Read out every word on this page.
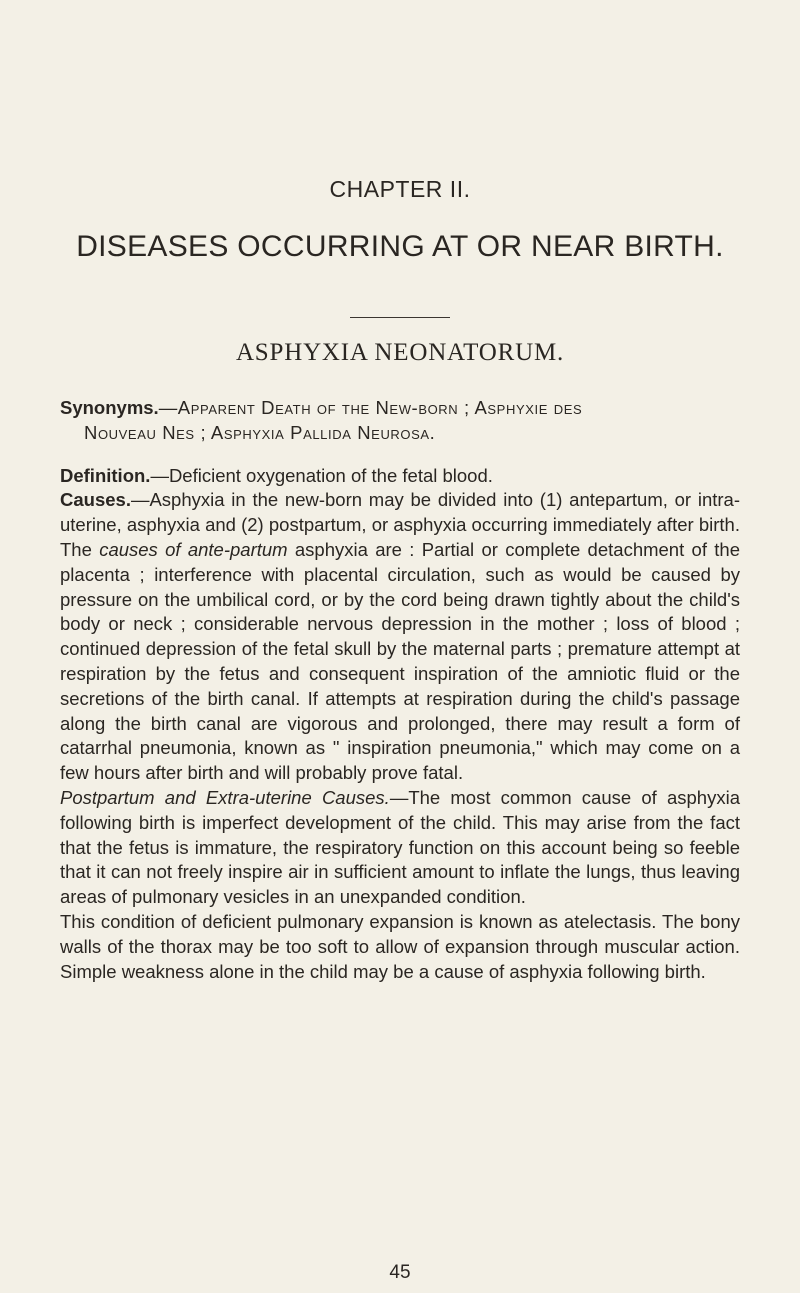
CHAPTER II.
DISEASES OCCURRING AT OR NEAR BIRTH.
ASPHYXIA NEONATORUM.

Synonyms.—Apparent Death of the New-born ; Asphyxie des
Nouveau Nes ; Asphyxia Pallida Neurosa.

Definition.—Deficient oxygenation of the fetal blood.

Causes.—Asphyxia in the new-born may be divided into (1) antepartum, or intra-uterine, asphyxia and (2) postpartum, or asphyxia occurring immediately after birth. The causes of ante-partum asphyxia are : Partial or complete detachment of the placenta ; interference with placental circulation, such as would be caused by pressure on the umbilical cord, or by the cord being drawn tightly about the child's body or neck ; considerable nervous depression in the mother ; loss of blood ; continued depression of the fetal skull by the maternal parts ; premature attempt at respiration by the fetus and consequent inspiration of the amniotic fluid or the secretions of the birth canal. If attempts at respiration during the child's passage along the birth canal are vigorous and prolonged, there may result a form of catarrhal pneumonia, known as " inspiration pneumonia," which may come on a few hours after birth and will probably prove fatal.

Postpartum and Extra-uterine Causes.—The most common cause of asphyxia following birth is imperfect development of the child. This may arise from the fact that the fetus is immature, the respiratory function on this account being so feeble that it can not freely inspire air in sufficient amount to inflate the lungs, thus leaving areas of pulmonary vesicles in an unexpanded condition.

This condition of deficient pulmonary expansion is known as atelectasis. The bony walls of the thorax may be too soft to allow of expansion through muscular action. Simple weakness alone in the child may be a cause of asphyxia following birth.

45
